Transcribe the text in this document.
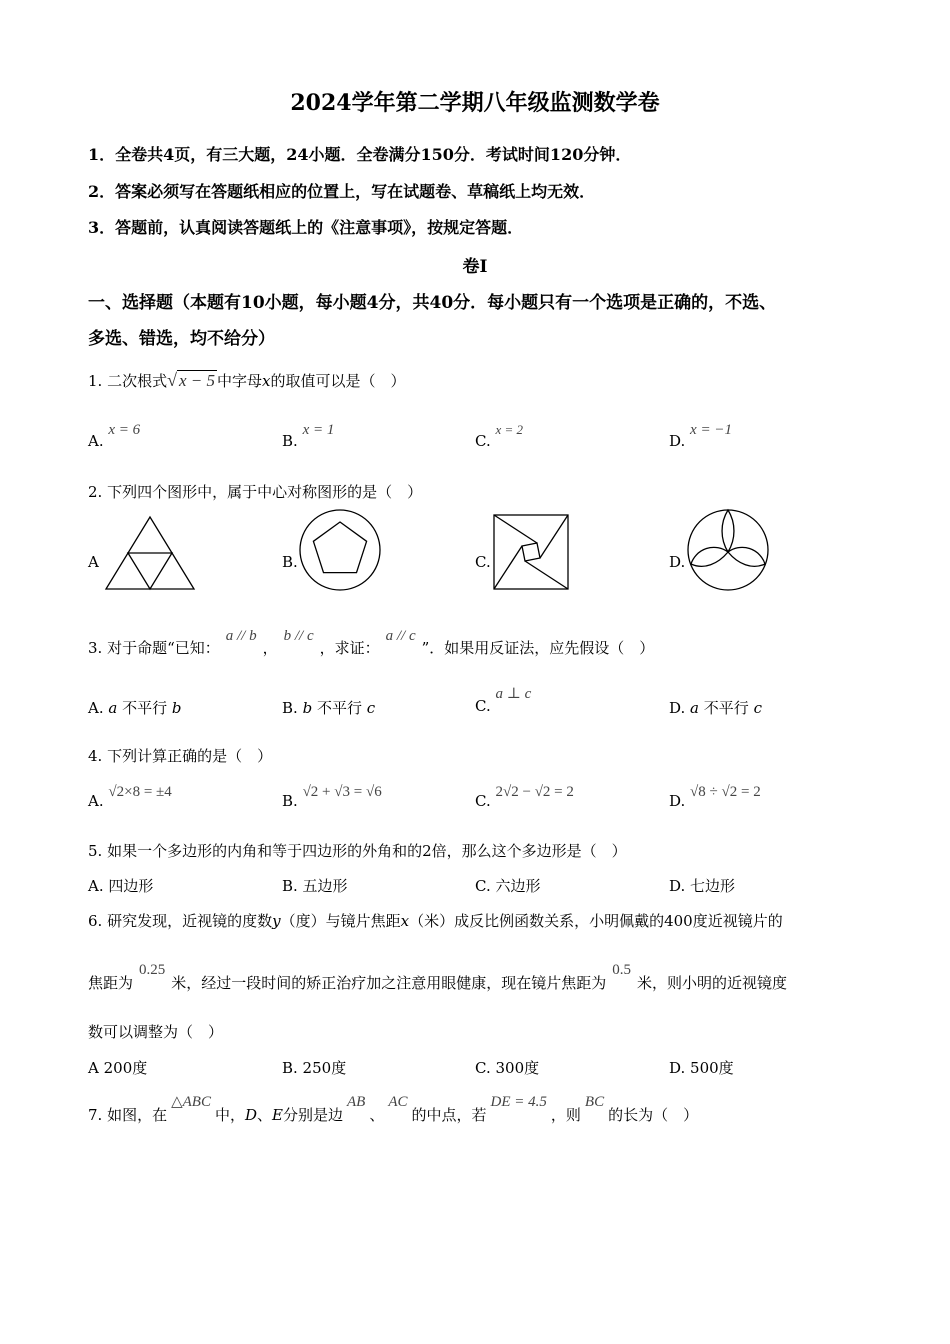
2024学年第二学期八年级监测数学卷
1．全卷共4页，有三大题，24小题．全卷满分150分．考试时间120分钟．
2．答案必须写在答题纸相应的位置上，写在试题卷、草稿纸上均无效．
3．答题前，认真阅读答题纸上的《注意事项》，按规定答题．
卷Ⅰ
一、选择题（本题有10小题，每小题4分，共40分．每小题只有一个选项是正确的，不选、
多选、错选，均不给分）
1. 二次根式√ x − 5 中字母x的取值可以是（　）
A. x = 6
B. x = 1
C. x = 2
D. x = −1
2. 下列四个图形中，属于中心对称图形的是（　）
A	B.	C.	D.
3. 对于命题“已知：a // b，b // c，求证：a // c”．如果用反证法，应先假设（　）
A. a 不平行 b	B. b 不平行 c	C. a ⊥ c
D. a 不平行 c
4. 下列计算正确的是（　）
A. √2×8 = ±4	B. √2 + √3 = √6	C. 2√2 − √2 = 2	D. √8 ÷ √2 = 2
5. 如果一个多边形的内角和等于四边形的外角和的2倍，那么这个多边形是（　）
A. 四边形	B. 五边形	C. 六边形	D. 七边形
6. 研究发现，近视镜的度数y（度）与镜片焦距x（米）成反比例函数关系，小明佩戴的400度近视镜片的
焦距为0.25米，经过一段时间的矫正治疗加之注意用眼健康，现在镜片焦距为0.5米，则小明的近视镜度
数可以调整为（　）
A 200度	B. 250度	C. 300度	D. 500度
7. 如图，在△ABC中，D、E分别是边AB、AC的中点，若DE = 4.5，则BC的长为（　）
